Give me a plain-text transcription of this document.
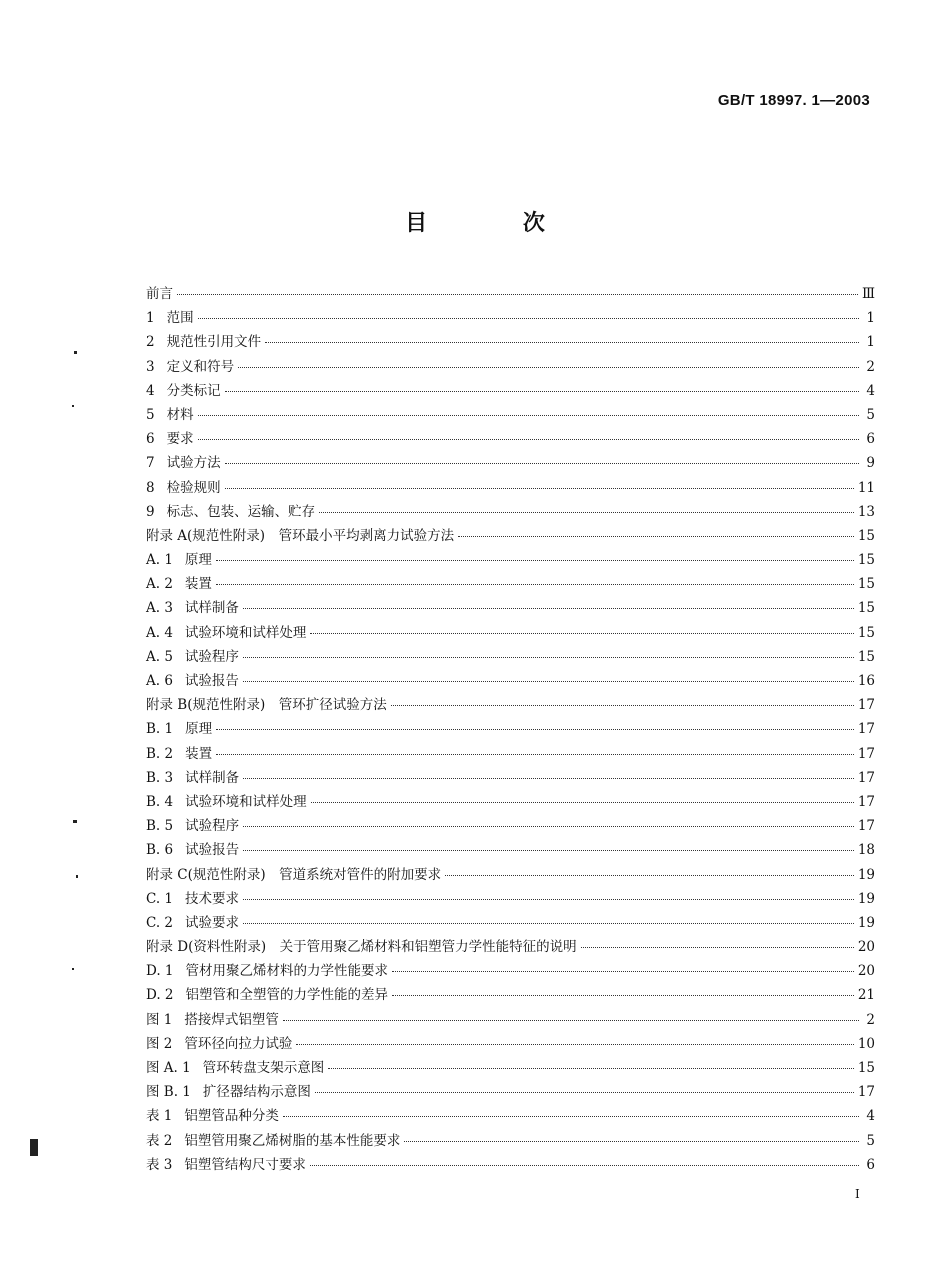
GB/T 18997. 1—2003
目 次
前言	Ⅲ
1 范围	1
2 规范性引用文件	1
3 定义和符号	2
4 分类标记	4
5 材料	5
6 要求	6
7 试验方法	9
8 检验规则	11
9 标志、包装、运输、贮存	13
附录 A(规范性附录)　管环最小平均剥离力试验方法	15
A. 1 原理	15
A. 2 装置	15
A. 3 试样制备	15
A. 4 试验环境和试样处理	15
A. 5 试验程序	15
A. 6 试验报告	16
附录 B(规范性附录)　管环扩径试验方法	17
B. 1 原理	17
B. 2 装置	17
B. 3 试样制备	17
B. 4 试验环境和试样处理	17
B. 5 试验程序	17
B. 6 试验报告	18
附录 C(规范性附录)　管道系统对管件的附加要求	19
C. 1 技术要求	19
C. 2 试验要求	19
附录 D(资料性附录)　关于管用聚乙烯材料和铝塑管力学性能特征的说明	20
D. 1 管材用聚乙烯材料的力学性能要求	20
D. 2 铝塑管和全塑管的力学性能的差异	21
图 1 搭接焊式铝塑管	2
图 2 管环径向拉力试验	10
图 A. 1 管环转盘支架示意图	15
图 B. 1 扩径器结构示意图	17
表 1 铝塑管品种分类	4
表 2 铝塑管用聚乙烯树脂的基本性能要求	5
表 3 铝塑管结构尺寸要求	6
I
